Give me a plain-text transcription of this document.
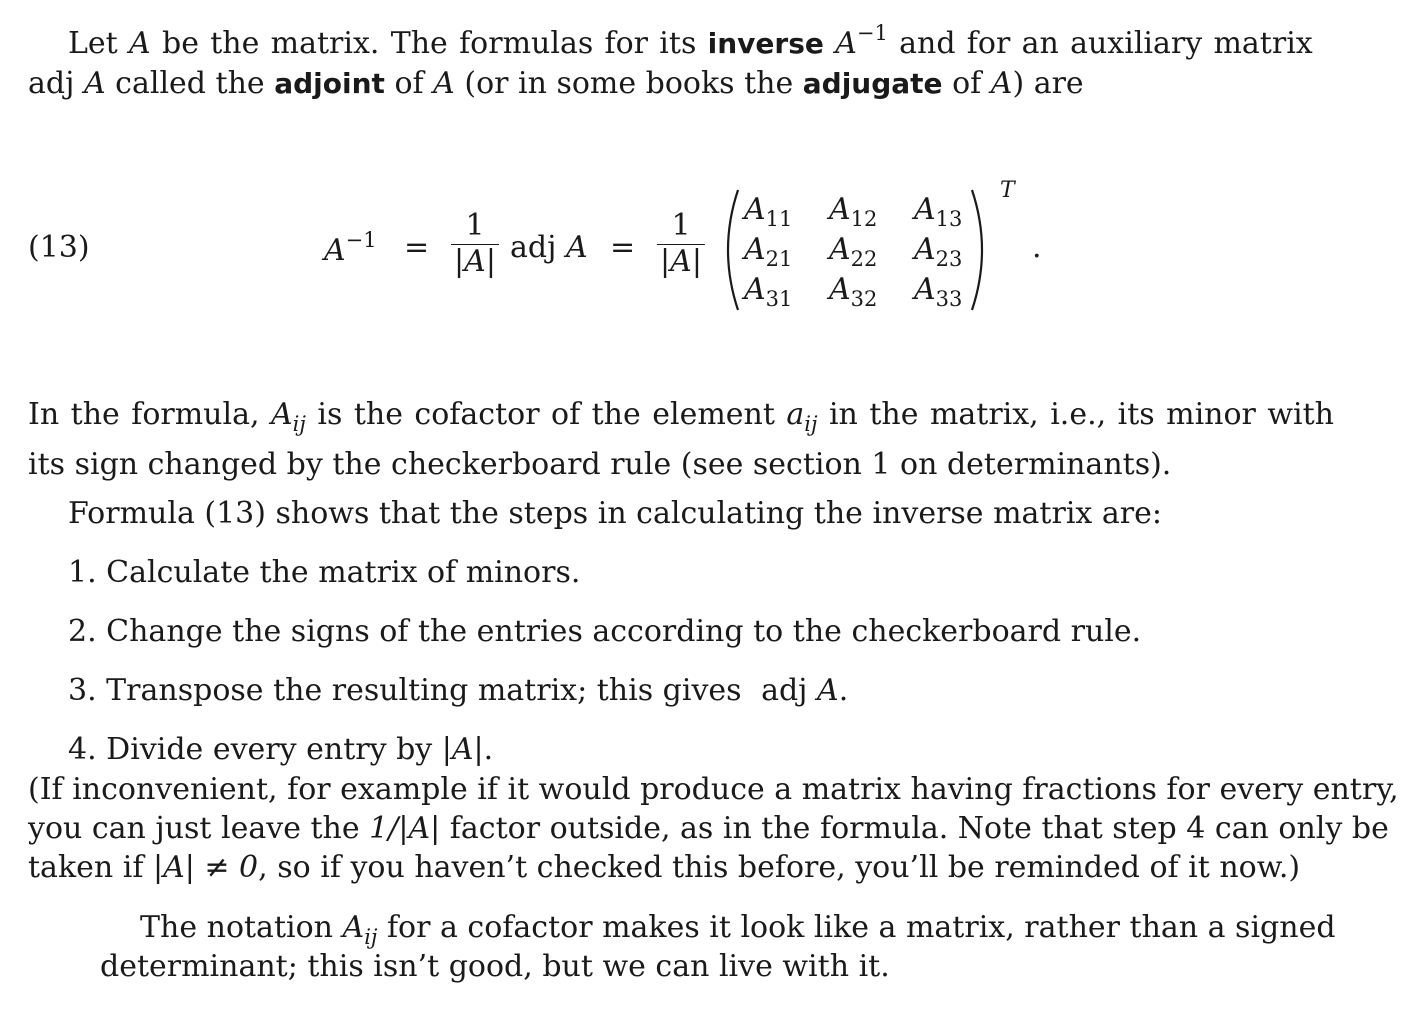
Let A be the matrix. The formulas for its inverse $A^{-1}$ and for an auxiliary matrix adj A called the adjoint of A (or in some books the adjugate of A) are

(13)	$A^{-1}$ =
1
|A| adj A =
1
|A|
$A_{11}$	$A_{12}$	$A_{13}$
$A_{21}$	$A_{22}$	$A_{23}$
$A_{31}$	$A_{32}$	$A_{33}$
T
.

In the formula, $A_{ij}$ is the cofactor of the element $a_{ij}$ in the matrix, i.e., its minor with its sign changed by the checkerboard rule (see section 1 on determinants).

Formula (13) shows that the steps in calculating the inverse matrix are:
1. Calculate the matrix of minors.
2. Change the signs of the entries according to the checkerboard rule.
3. Transpose the resulting matrix; this gives adj A.
4. Divide every entry by |A|.
(If inconvenient, for example if it would produce a matrix having fractions for every entry,
you can just leave the 1/|A| factor outside, as in the formula. Note that step 4 can only be
taken if |A| ≠ 0, so if you haven’t checked this before, you’ll be reminded of it now.)
The notation $A_{ij}$ for a cofactor makes it look like a matrix, rather than a signed
determinant; this isn’t good, but we can live with it.
